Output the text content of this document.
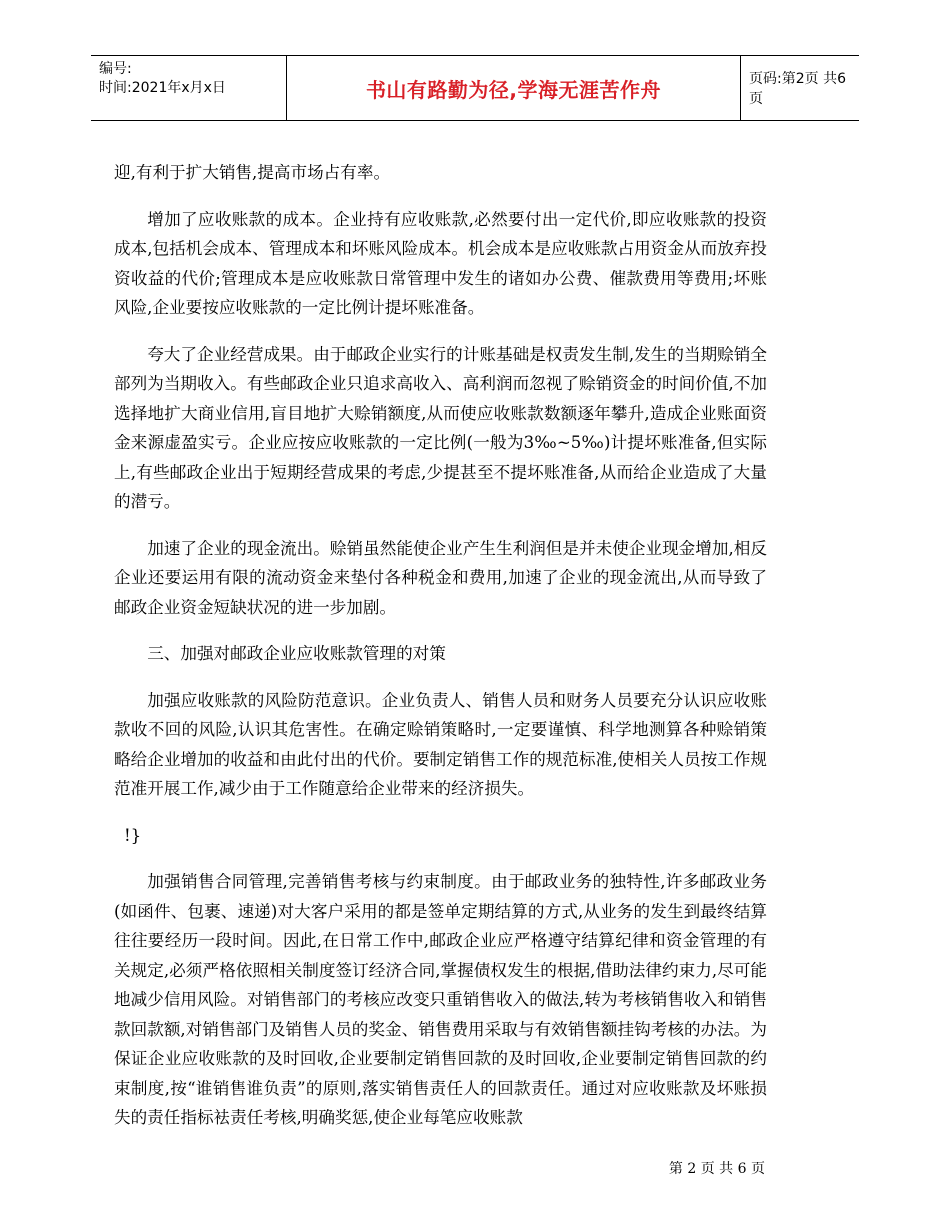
编号:
时间:2021年x月x日	书山有路勤为径,学海无涯苦作舟	页码:第2页 共6页

迎,有利于扩大销售,提高市场占有率。

增加了应收账款的成本。企业持有应收账款,必然要付出一定代价,即应收账款的投资成本,包括机会成本、管理成本和坏账风险成本。机会成本是应收账款占用资金从而放弃投资收益的代价;管理成本是应收账款日常管理中发生的诸如办公费、催款费用等费用;坏账风险,企业要按应收账款的一定比例计提坏账准备。

夸大了企业经营成果。由于邮政企业实行的计账基础是权责发生制,发生的当期赊销全部列为当期收入。有些邮政企业只追求高收入、高利润而忽视了赊销资金的时间价值,不加选择地扩大商业信用,盲目地扩大赊销额度,从而使应收账款数额逐年攀升,造成企业账面资金来源虚盈实亏。企业应按应收账款的一定比例(一般为3‰~5‰)计提坏账准备,但实际上,有些邮政企业出于短期经营成果的考虑,少提甚至不提坏账准备,从而给企业造成了大量的潜亏。

加速了企业的现金流出。赊销虽然能使企业产生生利润但是并未使企业现金增加,相反企业还要运用有限的流动资金来垫付各种税金和费用,加速了企业的现金流出,从而导致了邮政企业资金短缺状况的进一步加剧。

三、加强对邮政企业应收账款管理的对策

加强应收账款的风险防范意识。企业负责人、销售人员和财务人员要充分认识应收账款收不回的风险,认识其危害性。在确定赊销策略时,一定要谨慎、科学地测算各种赊销策略给企业增加的收益和由此付出的代价。要制定销售工作的规范标准,使相关人员按工作规范准开展工作,减少由于工作随意给企业带来的经济损失。

!}

加强销售合同管理,完善销售考核与约束制度。由于邮政业务的独特性,许多邮政业务(如函件、包裹、速递)对大客户采用的都是签单定期结算的方式,从业务的发生到最终结算往往要经历一段时间。因此,在日常工作中,邮政企业应严格遵守结算纪律和资金管理的有关规定,必须严格依照相关制度签订经济合同,掌握债权发生的根据,借助法律约束力,尽可能地减少信用风险。对销售部门的考核应改变只重销售收入的做法,转为考核销售收入和销售款回款额,对销售部门及销售人员的奖金、销售费用采取与有效销售额挂钩考核的办法。为保证企业应收账款的及时回收,企业要制定销售回款的及时回收,企业要制定销售回款的约束制度,按“谁销售谁负责”的原则,落实销售责任人的回款责任。通过对应收账款及坏账损失的责任指标袪责任考核,明确奖惩,使企业每笔应收账款

第 2 页 共 6 页
